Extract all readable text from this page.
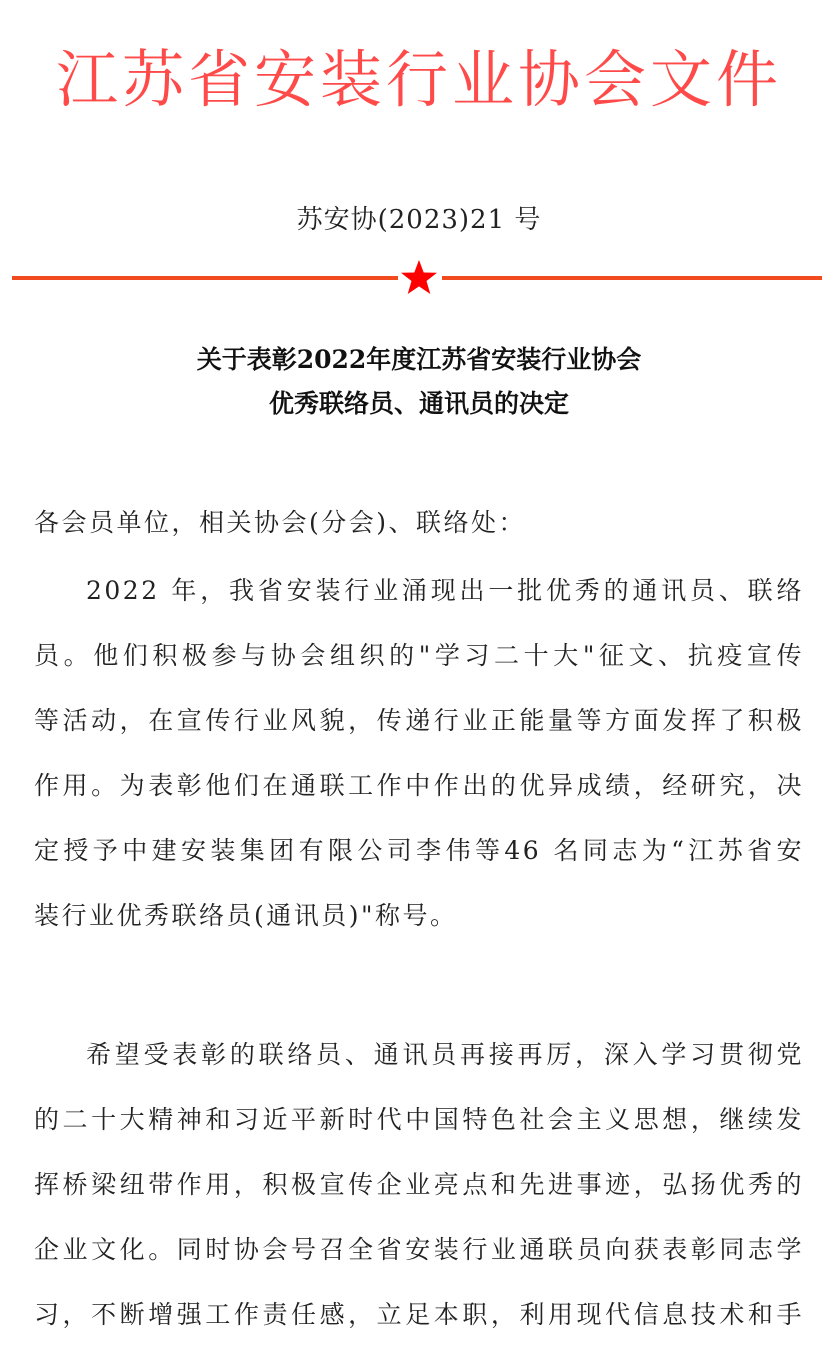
江苏省安装行业协会文件
苏安协(2023)21 号
关于表彰2022年度江苏省安装行业协会
优秀联络员、通讯员的决定
各会员单位，相关协会(分会)、联络处：
2022 年，我省安装行业涌现出一批优秀的通讯员、联络
员。他们积极参与协会组织的"学习二十大"征文、抗疫宣传
等活动，在宣传行业风貌，传递行业正能量等方面发挥了积极
作用。为表彰他们在通联工作中作出的优异成绩，经研究，决
定授予中建安装集团有限公司李伟等46 名同志为“江苏省安
装行业优秀联络员(通讯员)"称号。
希望受表彰的联络员、通讯员再接再厉，深入学习贯彻党
的二十大精神和习近平新时代中国特色社会主义思想，继续发
挥桥梁纽带作用，积极宣传企业亮点和先进事迹，弘扬优秀的
企业文化。同时协会号召全省安装行业通联员向获表彰同志学
习，不断增强工作责任感，立足本职，利用现代信息技术和手
